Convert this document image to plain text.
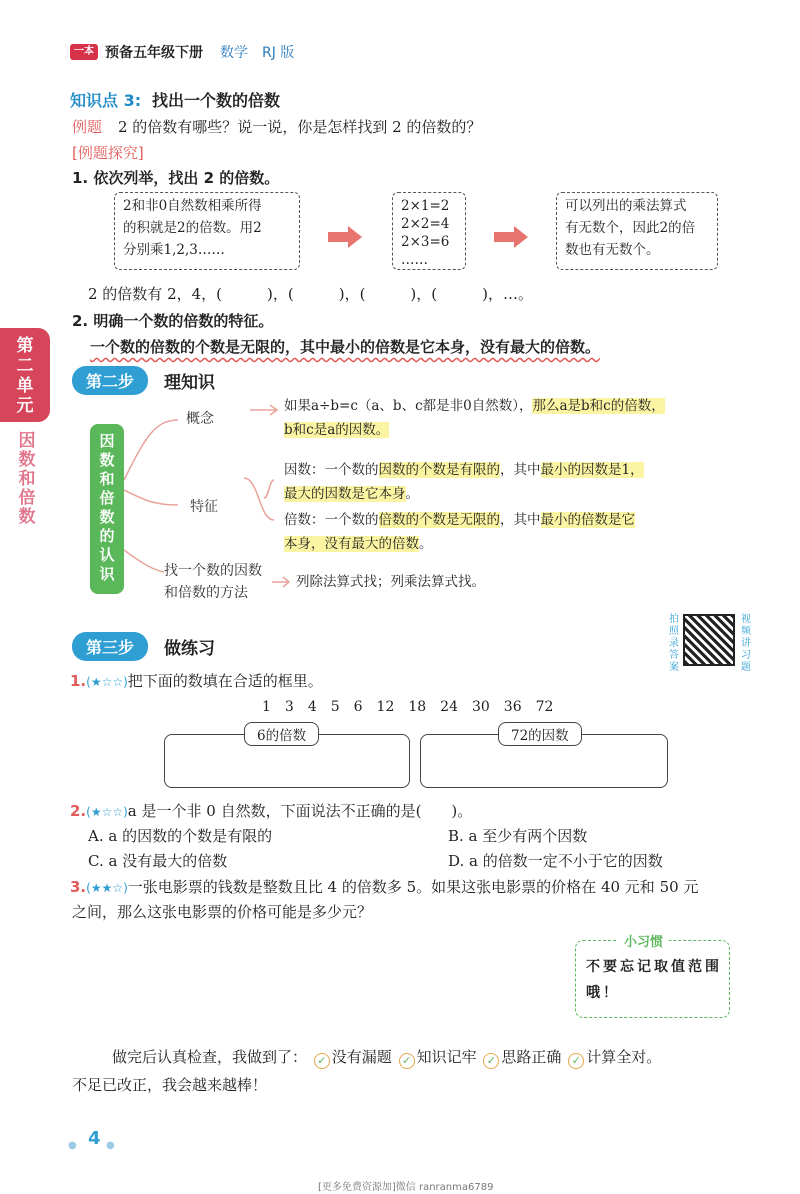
一本 预备五年级下册 数学 RJ 版
第二单元
因数和倍数
知识点 3: 找出一个数的倍数
例题 2 的倍数有哪些？说一说，你是怎样找到 2 的倍数的？
[例题探究]
1. 依次列举，找出 2 的倍数。
2和非0自然数相乘所得
的积就是2的倍数。用2
分别乘1,2,3……
2×1=2
2×2=4
2×3=6
……
可以列出的乘法算式
有无数个，因此2的倍
数也有无数个。
2 的倍数有 2，4，(　　　)，(　　　)，(　　　)，(　　　)，…。
2. 明确一个数的倍数的特征。
一个数的倍数的个数是无限的，其中最小的倍数是它本身，没有最大的倍数。
第二步	理知识
因数和倍数的认识
概念
如果a÷b=c（a、b、c都是非0自然数），那么a是b和c的倍数，
b和c是a的因数。
特征
因数：一个数的因数的个数是有限的，其中最小的因数是1，
最大的因数是它本身。
倍数：一个数的倍数的个数是无限的，其中最小的倍数是它
本身，没有最大的倍数。
找一个数的因数
和倍数的方法
列除法算式找；列乘法算式找。
拍照录答案
视频讲习题
第三步	做练习
1.(★☆☆)把下面的数填在合适的框里。
1　3　4　5　6　12　18　24　30　36　72
6的倍数	72的因数
2.(★☆☆)a 是一个非 0 自然数，下面说法不正确的是(　　)。
A. a 的因数的个数是有限的	B. a 至少有两个因数
C. a 没有最大的倍数	D. a 的倍数一定不小于它的因数
3.(★★☆)一张电影票的钱数是整数且比 4 的倍数多 5。如果这张电影票的价格在 40 元和 50 元
之间，那么这张电影票的价格可能是多少元？
小习惯
不要忘记取值范围哦！
做完后认真检查，我做到了： ✓ 没有漏题 ✓ 知识记牢 ✓ 思路正确 ✓ 计算全对。
不足已改正，我会越来越棒！
● 4 ●
[更多免费资源加]微信 ranranma6789
